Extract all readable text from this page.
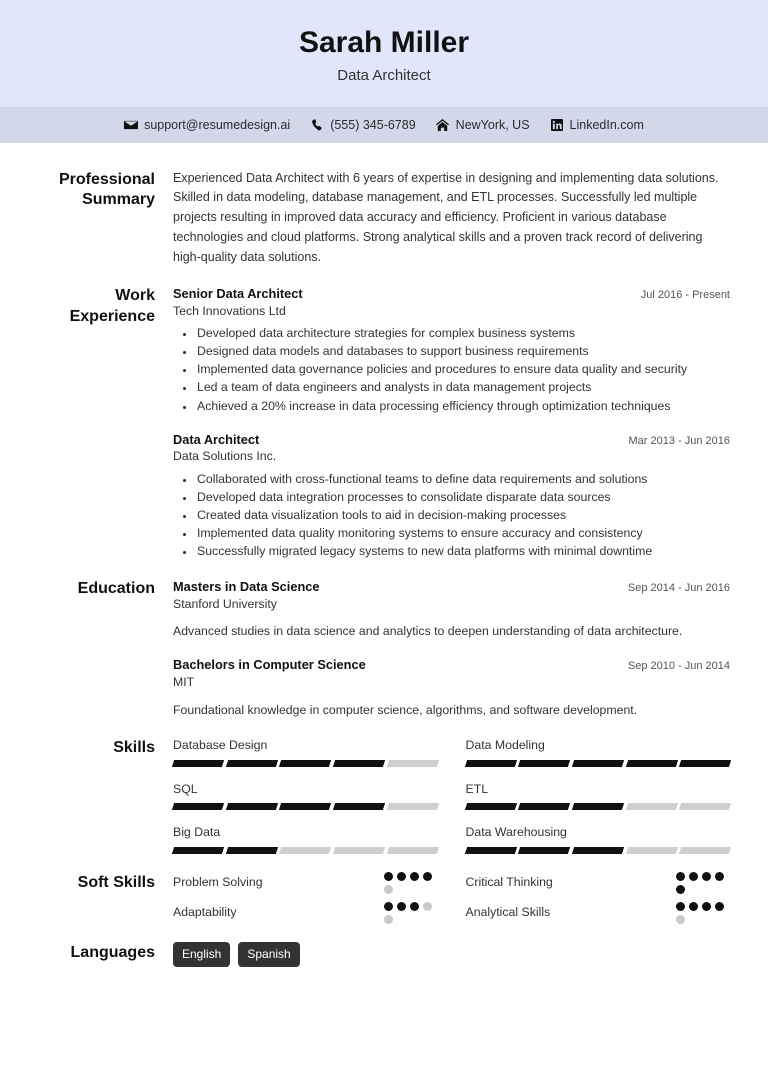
Sarah Miller
Data Architect
support@resumedesign.ai	(555) 345-6789	NewYork, US	LinkedIn.com
Professional Summary

Experienced Data Architect with 6 years of expertise in designing and implementing data solutions. Skilled in data modeling, database management, and ETL processes. Successfully led multiple projects resulting in improved data accuracy and efficiency. Proficient in various database technologies and cloud platforms. Strong analytical skills and a proven track record of delivering high-quality data solutions.

Work Experience
Senior Data Architect	Jul 2016 - Present
Tech Innovations Ltd
• Developed data architecture strategies for complex business systems
• Designed data models and databases to support business requirements
• Implemented data governance policies and procedures to ensure data quality and security
• Led a team of data engineers and analysts in data management projects
• Achieved a 20% increase in data processing efficiency through optimization techniques
Data Architect	Mar 2013 - Jun 2016
Data Solutions Inc.
• Collaborated with cross-functional teams to define data requirements and solutions
• Developed data integration processes to consolidate disparate data sources
• Created data visualization tools to aid in decision-making processes
• Implemented data quality monitoring systems to ensure accuracy and consistency
• Successfully migrated legacy systems to new data platforms with minimal downtime
Education	Masters in Data Science	Sep 2014 - Jun 2016
Stanford University
Advanced studies in data science and analytics to deepen understanding of data architecture.
Bachelors in Computer Science	Sep 2010 - Jun 2014
MIT
Foundational knowledge in computer science, algorithms, and software development.
Skills	Database Design	Data Modeling
SQL	ETL
Big Data	Data Warehousing
Soft Skills	Problem Solving	Critical Thinking
Adaptability	Analytical Skills
Languages	English	Spanish
